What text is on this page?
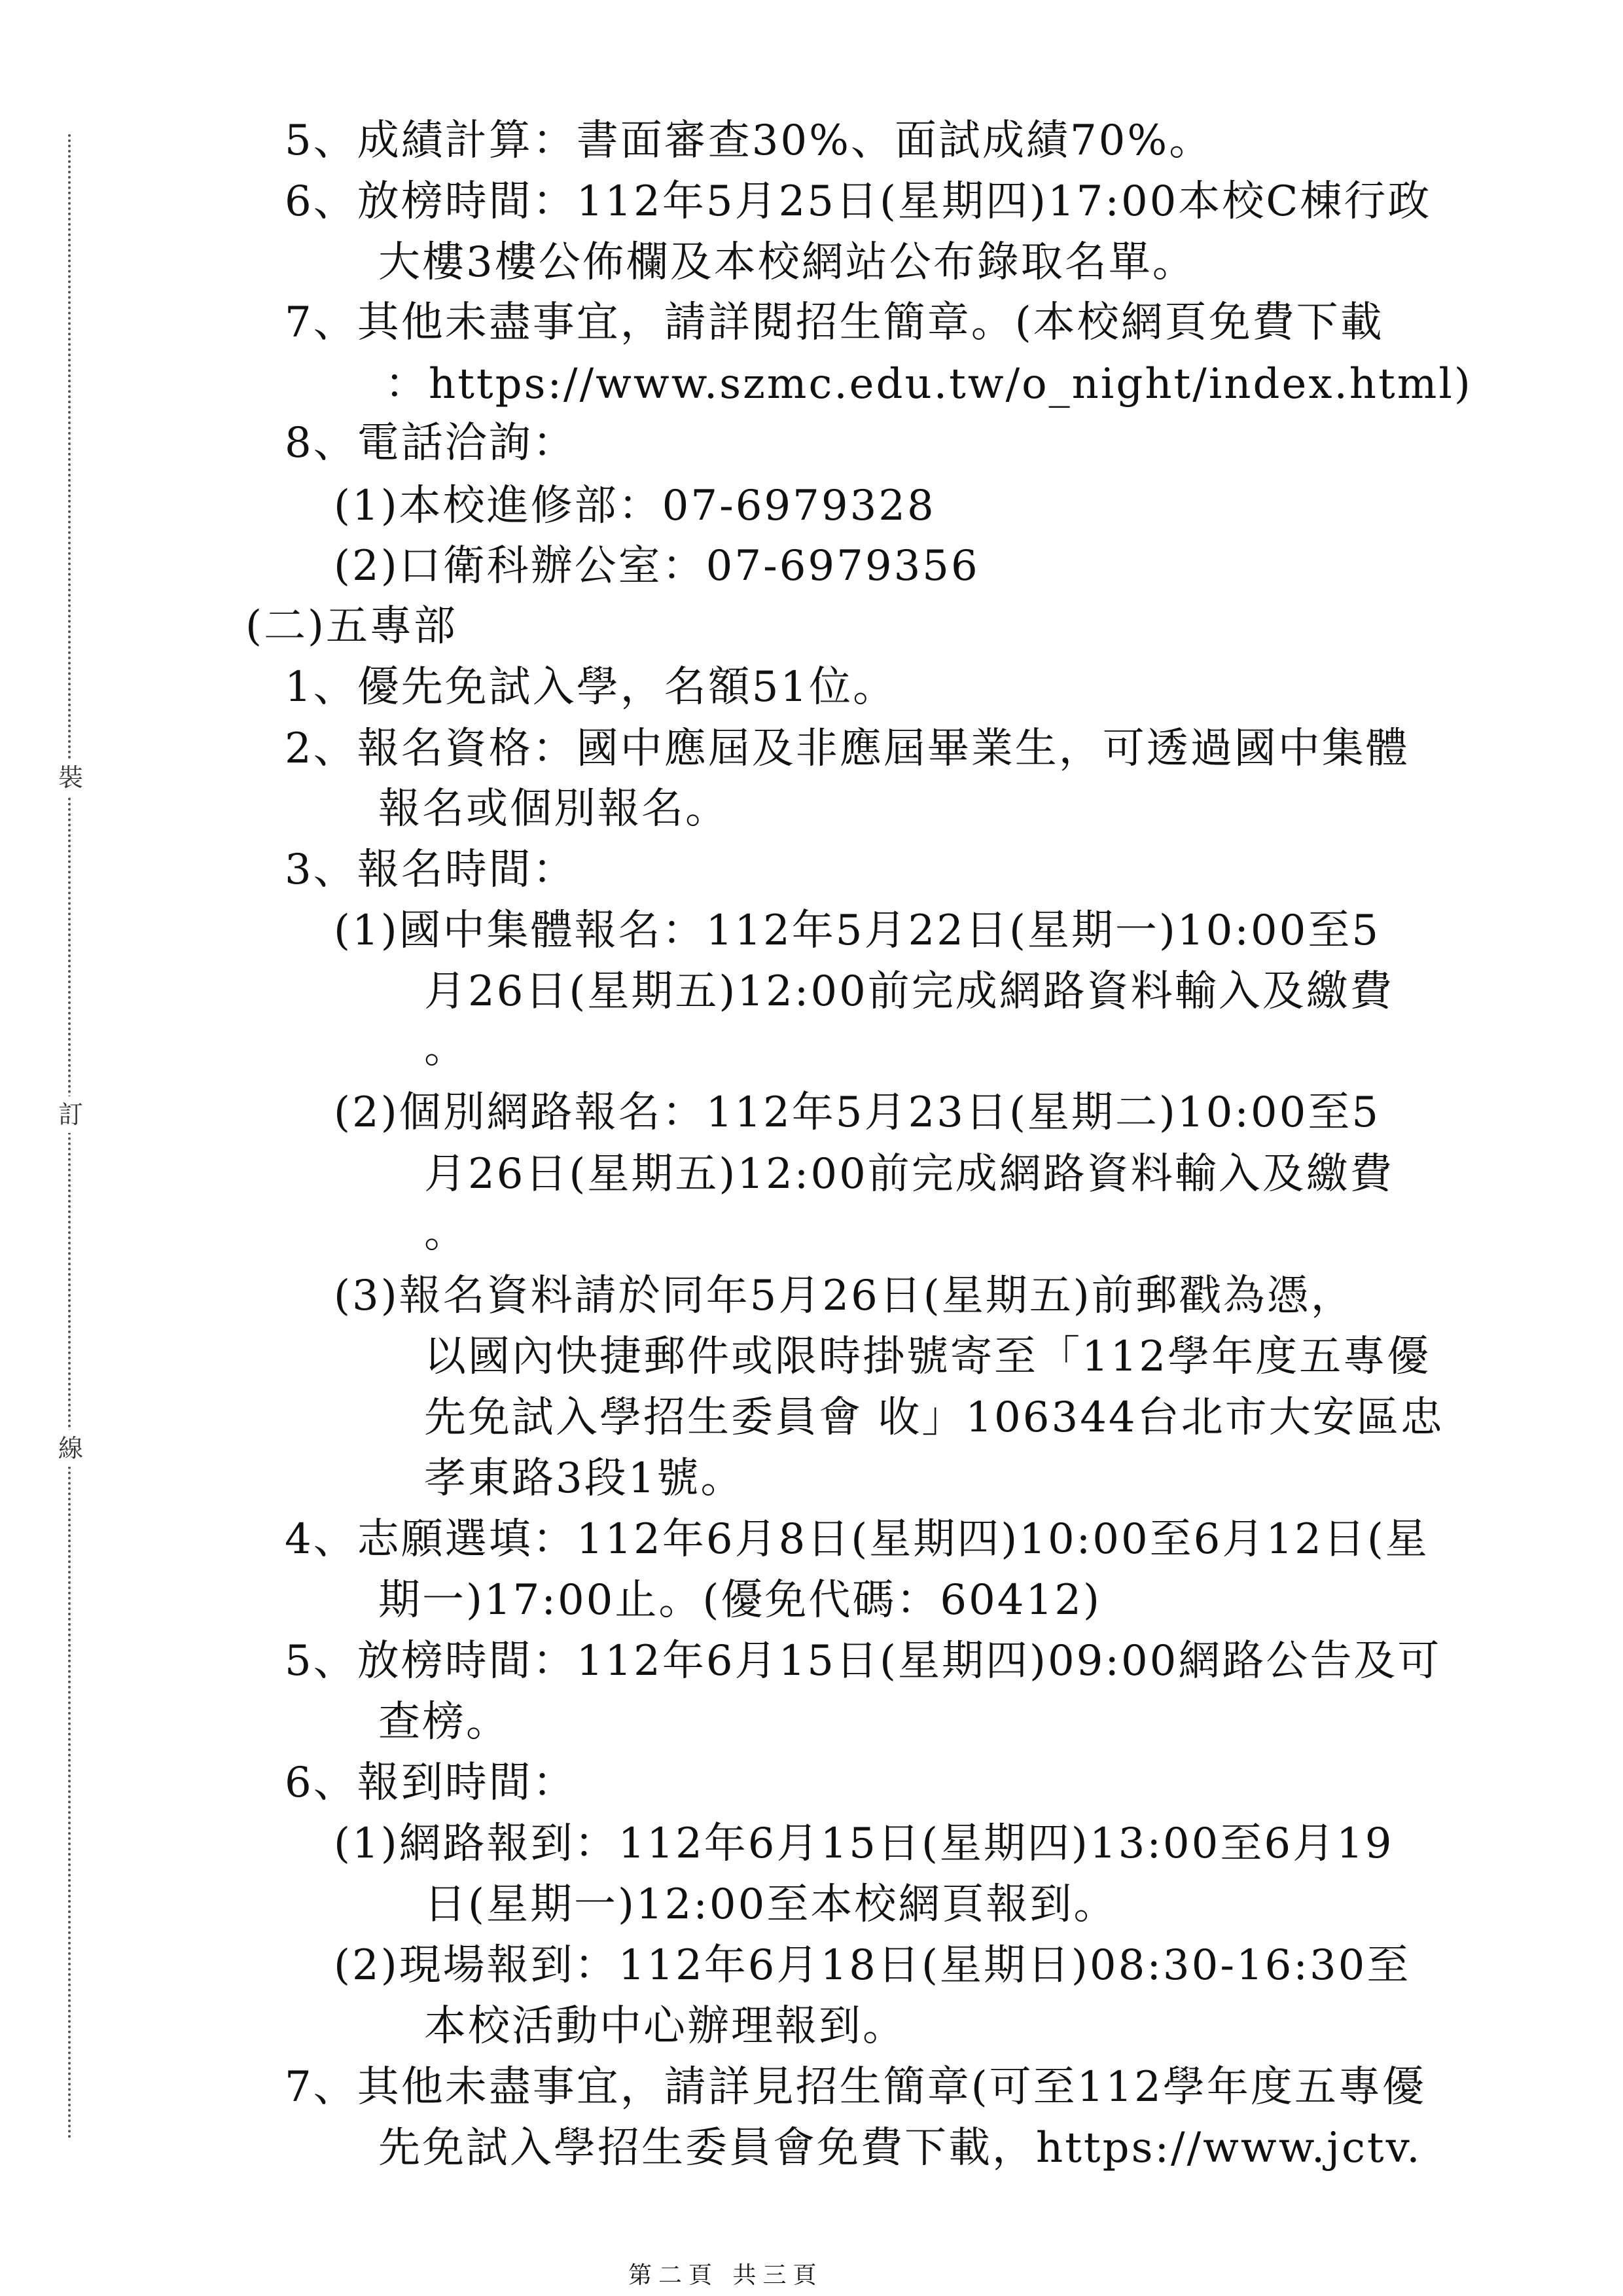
裝
訂
線
5、成績計算：書面審查30%、面試成績70%。
6、放榜時間：112年5月25日(星期四)17:00本校C棟行政
大樓3樓公佈欄及本校網站公布錄取名單。
7、其他未盡事宜，請詳閱招生簡章。(本校網頁免費下載
：https://www.szmc.edu.tw/o_night/index.html)
8、電話洽詢：
(1)本校進修部：07-6979328
(2)口衛科辦公室：07-6979356
(二)五專部
1、優先免試入學，名額51位。
2、報名資格：國中應屆及非應屆畢業生，可透過國中集體
報名或個別報名。
3、報名時間：
(1)國中集體報名：112年5月22日(星期一)10:00至5
月26日(星期五)12:00前完成網路資料輸入及繳費
。
(2)個別網路報名：112年5月23日(星期二)10:00至5
月26日(星期五)12:00前完成網路資料輸入及繳費
。
(3)報名資料請於同年5月26日(星期五)前郵戳為憑，
以國內快捷郵件或限時掛號寄至「112學年度五專優
先免試入學招生委員會 收」106344台北市大安區忠
孝東路3段1號。
4、志願選填：112年6月8日(星期四)10:00至6月12日(星
期一)17:00止。(優免代碼：60412)
5、放榜時間：112年6月15日(星期四)09:00網路公告及可
查榜。
6、報到時間：
(1)網路報到：112年6月15日(星期四)13:00至6月19
日(星期一)12:00至本校網頁報到。
(2)現場報到：112年6月18日(星期日)08:30-16:30至
本校活動中心辦理報到。
7、其他未盡事宜，請詳見招生簡章(可至112學年度五專優
先免試入學招生委員會免費下載，https://www.jctv.
第二頁 共三頁
